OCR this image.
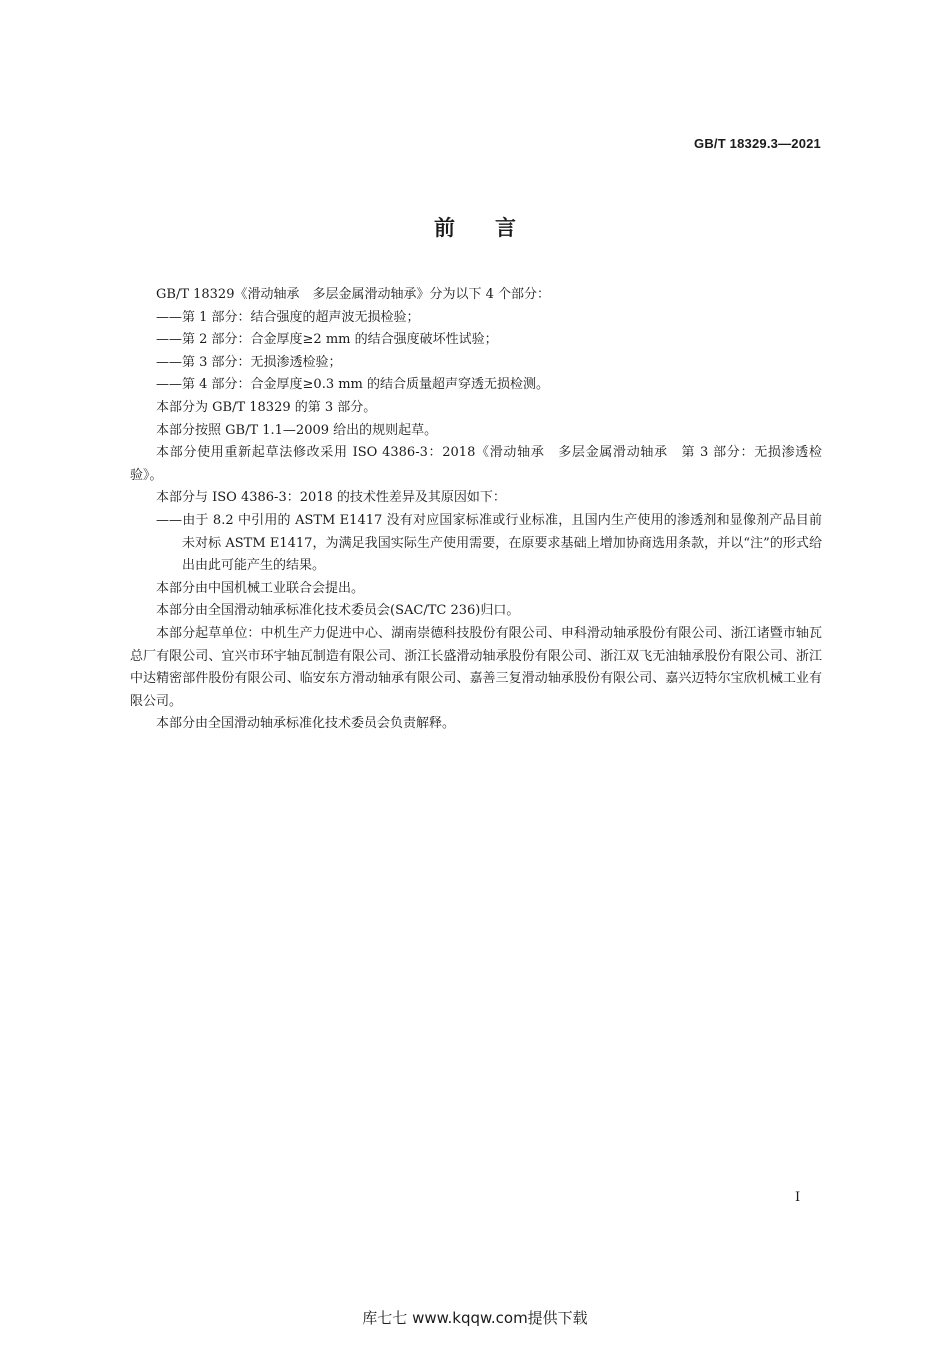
GB/T 18329.3—2021
前言

GB/T 18329《滑动轴承　多层金属滑动轴承》分为以下 4 个部分：

——第 1 部分：结合强度的超声波无损检验；

——第 2 部分：合金厚度≥2 mm 的结合强度破坏性试验；

——第 3 部分：无损渗透检验；

——第 4 部分：合金厚度≥0.3 mm 的结合质量超声穿透无损检测。

本部分为 GB/T 18329 的第 3 部分。

本部分按照 GB/T 1.1—2009 给出的规则起草。

本部分使用重新起草法修改采用 ISO 4386-3：2018《滑动轴承　多层金属滑动轴承　第 3 部分：无损渗透检验》。

本部分与 ISO 4386-3：2018 的技术性差异及其原因如下：

——由于 8.2 中引用的 ASTM E1417 没有对应国家标准或行业标准，且国内生产使用的渗透剂和显像剂产品目前未对标 ASTM E1417，为满足我国实际生产使用需要，在原要求基础上增加协商选用条款，并以“注”的形式给出由此可能产生的结果。

本部分由中国机械工业联合会提出。

本部分由全国滑动轴承标准化技术委员会(SAC/TC 236)归口。

本部分起草单位：中机生产力促进中心、湖南崇德科技股份有限公司、申科滑动轴承股份有限公司、浙江诸暨市轴瓦总厂有限公司、宜兴市环宇轴瓦制造有限公司、浙江长盛滑动轴承股份有限公司、浙江双飞无油轴承股份有限公司、浙江中达精密部件股份有限公司、临安东方滑动轴承有限公司、嘉善三复滑动轴承股份有限公司、嘉兴迈特尔宝欣机械工业有限公司。

本部分由全国滑动轴承标准化技术委员会负责解释。

I
库七七 www.kqqw.com提供下载
